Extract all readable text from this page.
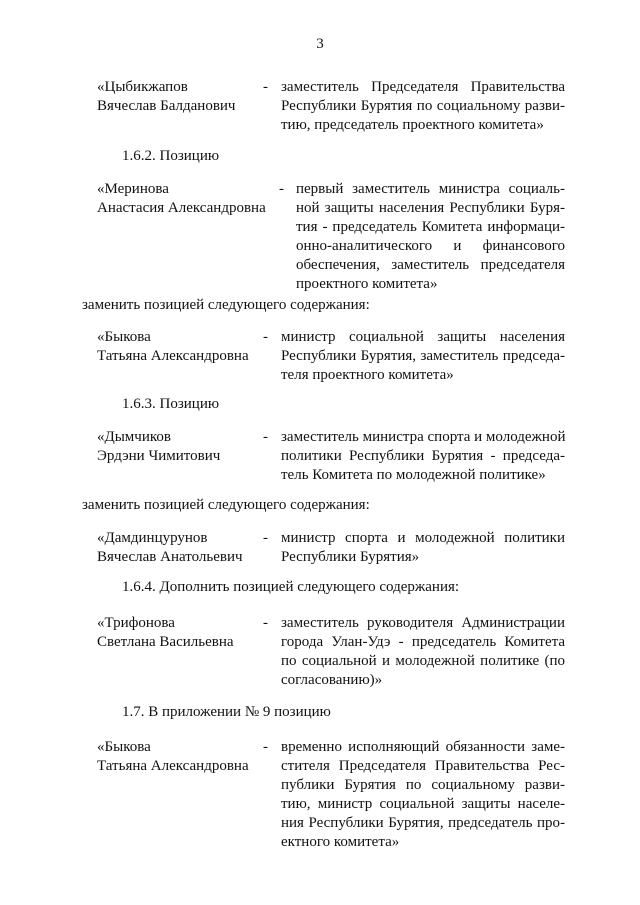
3
«Цыбикжапов
Вячеслав Балданович
- заместитель Председателя Правительства
Республики Бурятия по социальному разви-
тию, председатель проектного комитета»
1.6.2. Позицию
«Меринова
Анастасия Александровна
- первый заместитель министра социаль-
ной защиты населения Республики Буря-
тия - председатель Комитета информаци-
онно-аналитического и финансового
обеспечения, заместитель председателя
проектного комитета»
заменить позицией следующего содержания:
«Быкова
Татьяна Александровна
- министр социальной защиты населения
Республики Бурятия, заместитель председа-
теля проектного комитета»
1.6.3. Позицию
«Дымчиков
Эрдэни Чимитович
- заместитель министра спорта и молодежной
политики Республики Бурятия - председа-
тель Комитета по молодежной политике»
заменить позицией следующего содержания:
«Дамдинцурунов
Вячеслав Анатольевич
- министр спорта и молодежной политики
Республики Бурятия»
1.6.4. Дополнить позицией следующего содержания:
«Трифонова
Светлана Васильевна
- заместитель руководителя Администрации
города Улан-Удэ - председатель Комитета
по социальной и молодежной политике (по
согласованию)»
1.7. В приложении № 9 позицию
«Быкова
Татьяна Александровна
- временно исполняющий обязанности заме-
стителя Председателя Правительства Рес-
публики Бурятия по социальному разви-
тию, министр социальной защиты населе-
ния Республики Бурятия, председатель про-
ектного комитета»
